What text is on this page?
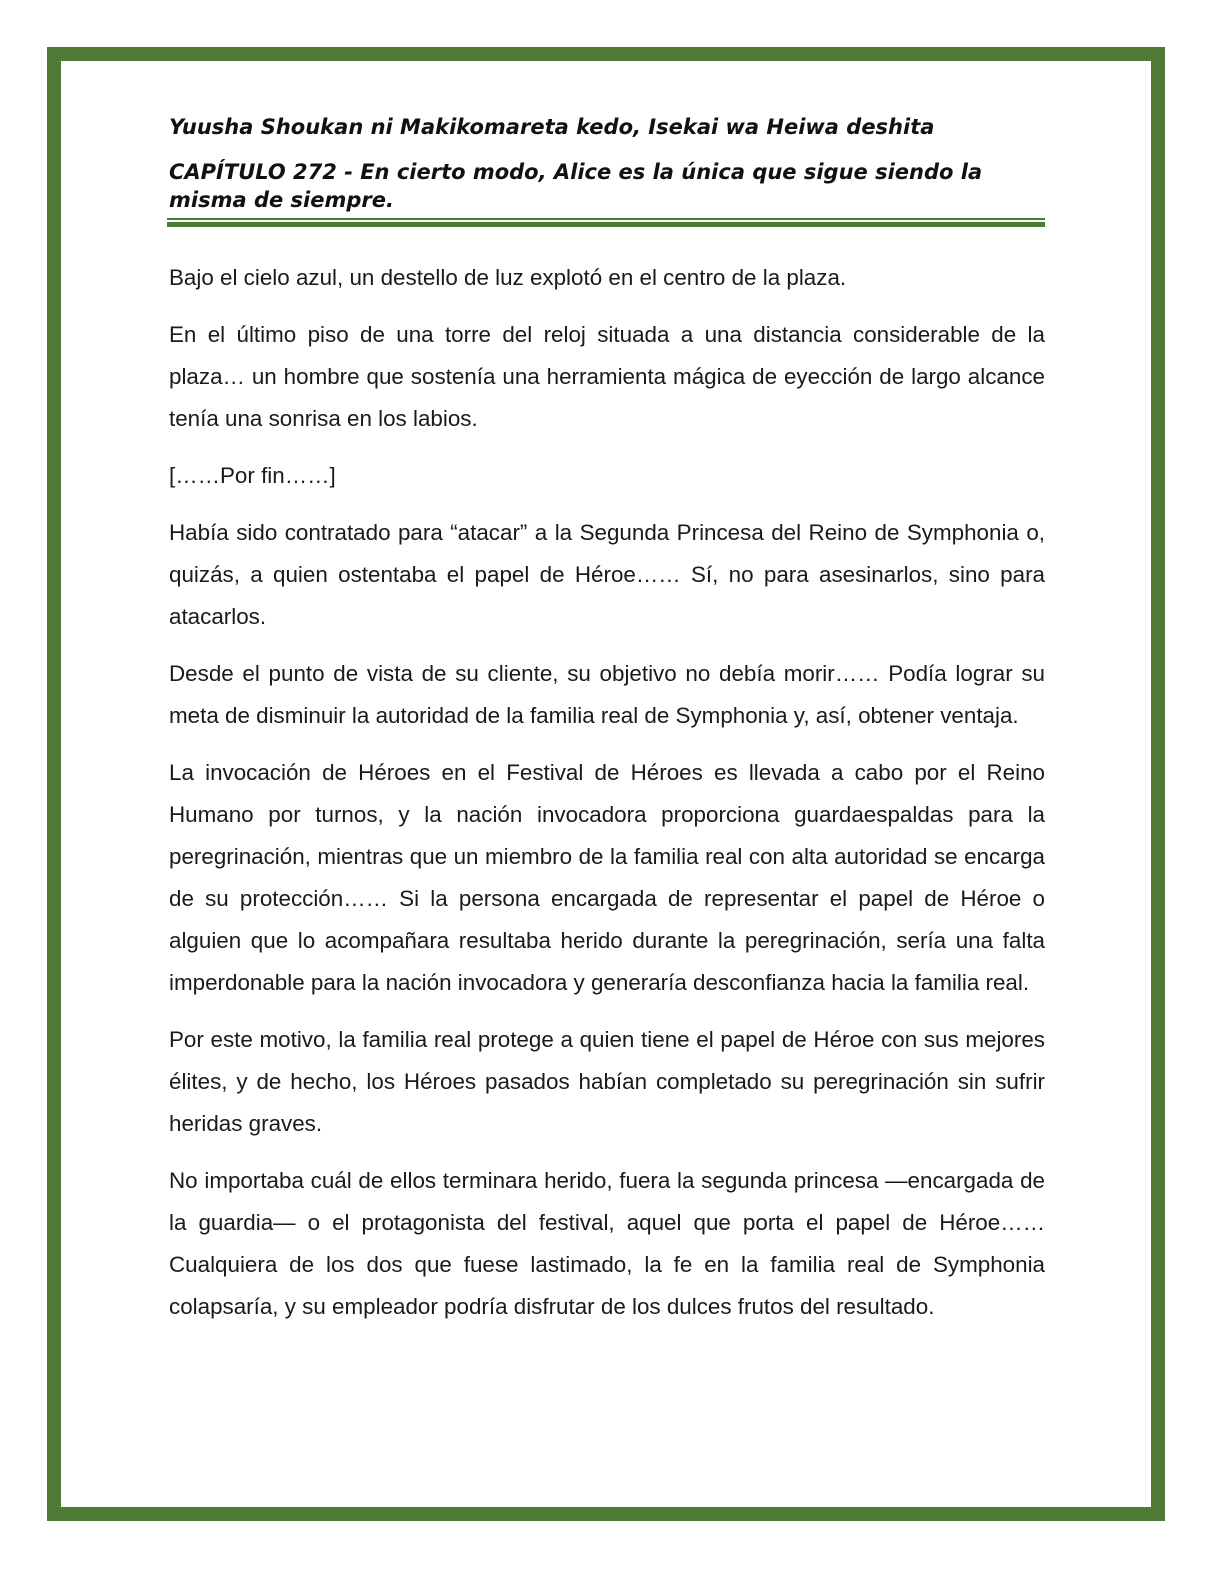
Yuusha Shoukan ni Makikomareta kedo, Isekai wa Heiwa deshita
CAPÍTULO 272 - En cierto modo, Alice es la única que sigue siendo la misma de siempre.

Bajo el cielo azul, un destello de luz explotó en el centro de la plaza.

En el último piso de una torre del reloj situada a una distancia considerable de la plaza… un hombre que sostenía una herramienta mágica de eyección de largo alcance tenía una sonrisa en los labios.

[……Por fin……]

Había sido contratado para “atacar” a la Segunda Princesa del Reino de Symphonia o, quizás, a quien ostentaba el papel de Héroe…… Sí, no para asesinarlos, sino para atacarlos.

Desde el punto de vista de su cliente, su objetivo no debía morir…… Podía lograr su meta de disminuir la autoridad de la familia real de Symphonia y, así, obtener ventaja.

La invocación de Héroes en el Festival de Héroes es llevada a cabo por el Reino Humano por turnos, y la nación invocadora proporciona guardaespaldas para la peregrinación, mientras que un miembro de la familia real con alta autoridad se encarga de su protección…… Si la persona encargada de representar el papel de Héroe o alguien que lo acompañara resultaba herido durante la peregrinación, sería una falta imperdonable para la nación invocadora y generaría desconfianza hacia la familia real.

Por este motivo, la familia real protege a quien tiene el papel de Héroe con sus mejores élites, y de hecho, los Héroes pasados habían completado su peregrinación sin sufrir heridas graves.

No importaba cuál de ellos terminara herido, fuera la segunda princesa —encargada de la guardia— o el protagonista del festival, aquel que porta el papel de Héroe…… Cualquiera de los dos que fuese lastimado, la fe en la familia real de Symphonia colapsaría, y su empleador podría disfrutar de los dulces frutos del resultado.
